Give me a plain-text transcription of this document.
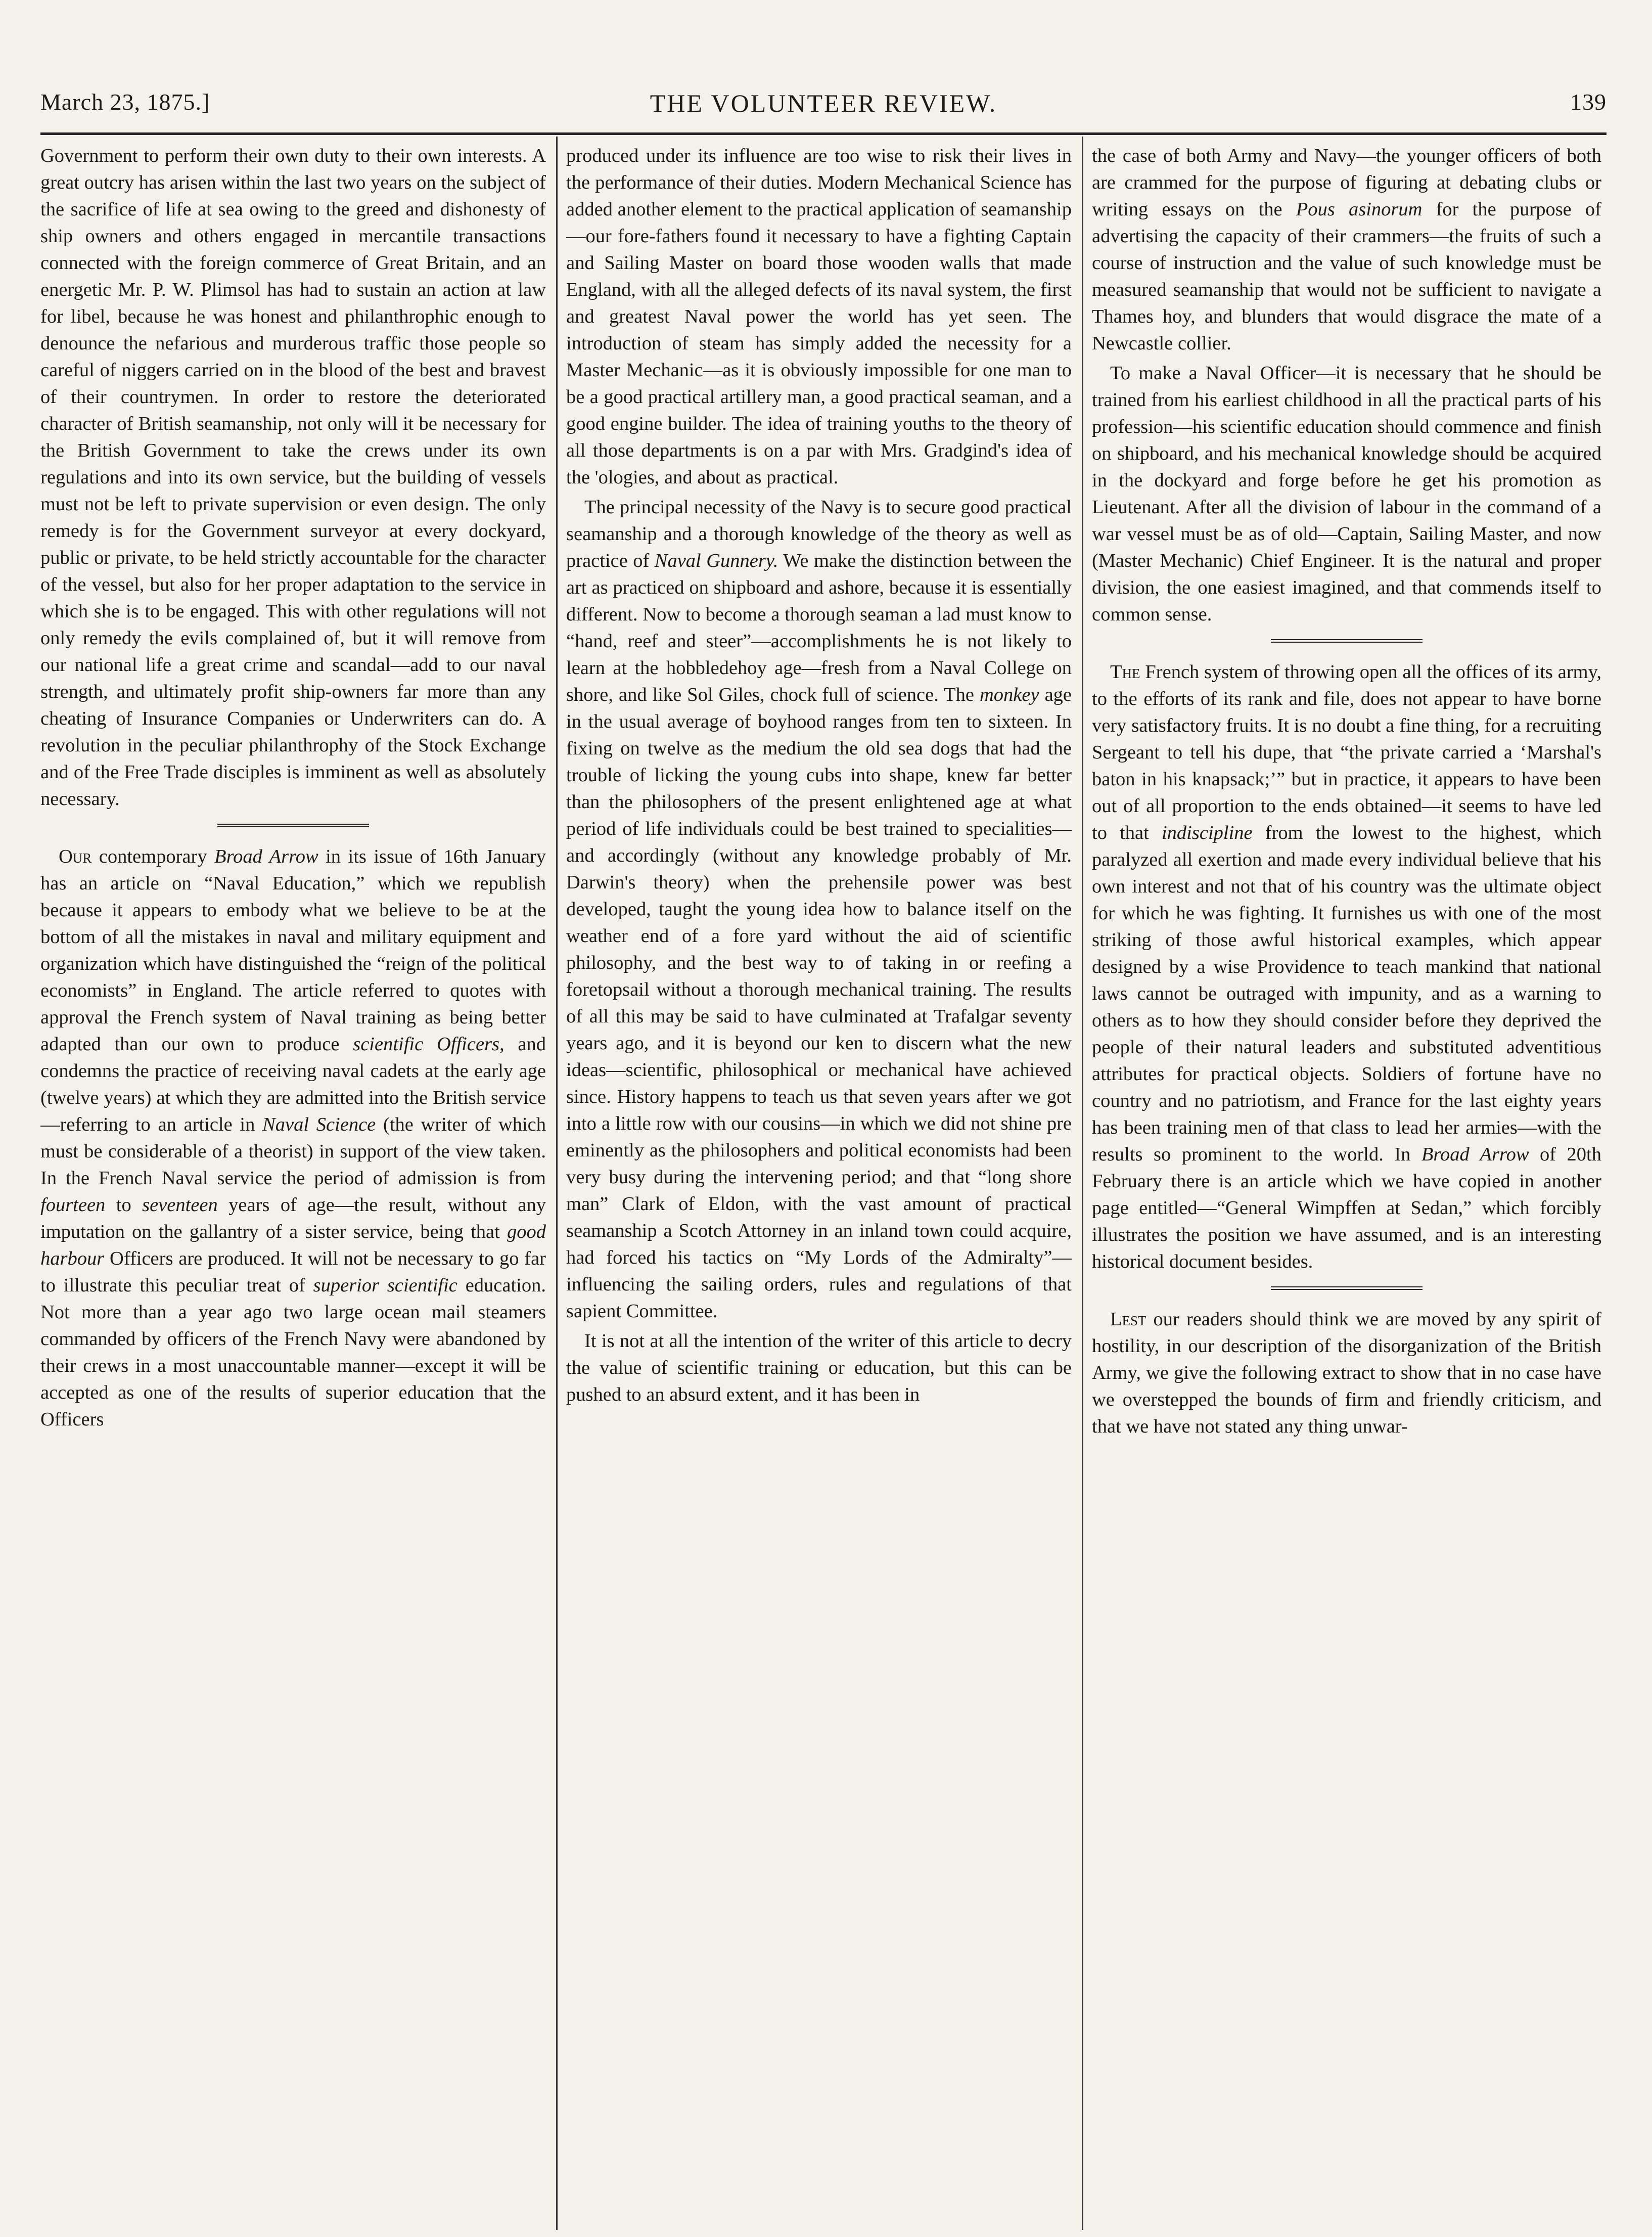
March 23, 1875.]	THE VOLUNTEER REVIEW.	139

Government to perform their own duty to their own interests. A great outcry has arisen within the last two years on the subject of the sacrifice of life at sea owing to the greed and dishonesty of ship owners and others engaged in mercantile transactions connected with the foreign commerce of Great Britain, and an energetic Mr. P. W. Plimsol has had to sustain an action at law for libel, because he was honest and philanthrophic enough to denounce the nefarious and murderous traffic those people so careful of niggers carried on in the blood of the best and bravest of their countrymen. In order to restore the deteriorated character of British seamanship, not only will it be necessary for the British Government to take the crews under its own regulations and into its own service, but the building of vessels must not be left to private supervision or even design. The only remedy is for the Government surveyor at every dockyard, public or private, to be held strictly accountable for the character of the vessel, but also for her proper adaptation to the service in which she is to be engaged. This with other regulations will not only remedy the evils complained of, but it will remove from our national life a great crime and scandal—add to our naval strength, and ultimately profit ship-owners far more than any cheating of Insurance Companies or Underwriters can do. A revolution in the peculiar philanthrophy of the Stock Exchange and of the Free Trade disciples is imminent as well as absolutely necessary.

Our contemporary Broad Arrow in its issue of 16th January has an article on “Naval Education,” which we republish because it appears to embody what we believe to be at the bottom of all the mistakes in naval and military equipment and organization which have distinguished the “reign of the political economists” in England. The article referred to quotes with approval the French system of Naval training as being better adapted than our own to produce scientific Officers, and condemns the practice of receiving naval cadets at the early age (twelve years) at which they are admitted into the British service—referring to an article in Naval Science (the writer of which must be considerable of a theorist) in support of the view taken. In the French Naval service the period of admission is from fourteen to seventeen years of age—the result, without any imputation on the gallantry of a sister service, being that good harbour Officers are produced. It will not be necessary to go far to illustrate this peculiar treat of superior scientific education. Not more than a year ago two large ocean mail steamers commanded by officers of the French Navy were abandoned by their crews in a most unaccountable manner—except it will be accepted as one of the results of superior education that the Officers

produced under its influence are too wise to risk their lives in the performance of their duties. Modern Mechanical Science has added another element to the practical application of seamanship—our fore-fathers found it necessary to have a fighting Captain and Sailing Master on board those wooden walls that made England, with all the alleged defects of its naval system, the first and greatest Naval power the world has yet seen. The introduction of steam has simply added the necessity for a Master Mechanic—as it is obviously impossible for one man to be a good practical artillery man, a good practical seaman, and a good engine builder. The idea of training youths to the theory of all those departments is on a par with Mrs. Gradgind's idea of the 'ologies, and about as practical.

The principal necessity of the Navy is to secure good practical seamanship and a thorough knowledge of the theory as well as practice of Naval Gunnery. We make the distinction between the art as practiced on shipboard and ashore, because it is essentially different. Now to become a thorough seaman a lad must know to “hand, reef and steer”—accomplishments he is not likely to learn at the hobbledehoy age—fresh from a Naval College on shore, and like Sol Giles, chock full of science. The monkey age in the usual average of boyhood ranges from ten to sixteen. In fixing on twelve as the medium the old sea dogs that had the trouble of licking the young cubs into shape, knew far better than the philosophers of the present enlightened age at what period of life individuals could be best trained to specialities—and accordingly (without any knowledge probably of Mr. Darwin's theory) when the prehensile power was best developed, taught the young idea how to balance itself on the weather end of a fore yard without the aid of scientific philosophy, and the best way to of taking in or reefing a foretopsail without a thorough mechanical training. The results of all this may be said to have culminated at Trafalgar seventy years ago, and it is beyond our ken to discern what the new ideas—scientific, philosophical or mechanical have achieved since. History happens to teach us that seven years after we got into a little row with our cousins—in which we did not shine pre eminently as the philosophers and political economists had been very busy during the intervening period; and that “long shore man” Clark of Eldon, with the vast amount of practical seamanship a Scotch Attorney in an inland town could acquire, had forced his tactics on “My Lords of the Admiralty”—influencing the sailing orders, rules and regulations of that sapient Committee.

It is not at all the intention of the writer of this article to decry the value of scientific training or education, but this can be pushed to an absurd extent, and it has been in

the case of both Army and Navy—the younger officers of both are crammed for the purpose of figuring at debating clubs or writing essays on the Pous asinorum for the purpose of advertising the capacity of their crammers—the fruits of such a course of instruction and the value of such knowledge must be measured seamanship that would not be sufficient to navigate a Thames hoy, and blunders that would disgrace the mate of a Newcastle collier.

To make a Naval Officer—it is necessary that he should be trained from his earliest childhood in all the practical parts of his profession—his scientific education should commence and finish on shipboard, and his mechanical knowledge should be acquired in the dockyard and forge before he get his promotion as Lieutenant. After all the division of labour in the command of a war vessel must be as of old—Captain, Sailing Master, and now (Master Mechanic) Chief Engineer. It is the natural and proper division, the one easiest imagined, and that commends itself to common sense.

The French system of throwing open all the offices of its army, to the efforts of its rank and file, does not appear to have borne very satisfactory fruits. It is no doubt a fine thing, for a recruiting Sergeant to tell his dupe, that “the private carried a ‘Marshal's baton in his knapsack;’” but in practice, it appears to have been out of all proportion to the ends obtained—it seems to have led to that indiscipline from the lowest to the highest, which paralyzed all exertion and made every individual believe that his own interest and not that of his country was the ultimate object for which he was fighting. It furnishes us with one of the most striking of those awful historical examples, which appear designed by a wise Providence to teach mankind that national laws cannot be outraged with impunity, and as a warning to others as to how they should consider before they deprived the people of their natural leaders and substituted adventitious attributes for practical objects. Soldiers of fortune have no country and no patriotism, and France for the last eighty years has been training men of that class to lead her armies—with the results so prominent to the world. In Broad Arrow of 20th February there is an article which we have copied in another page entitled—“General Wimpffen at Sedan,” which forcibly illustrates the position we have assumed, and is an interesting historical document besides.

Lest our readers should think we are moved by any spirit of hostility, in our description of the disorganization of the British Army, we give the following extract to show that in no case have we overstepped the bounds of firm and friendly criticism, and that we have not stated any thing unwar-
